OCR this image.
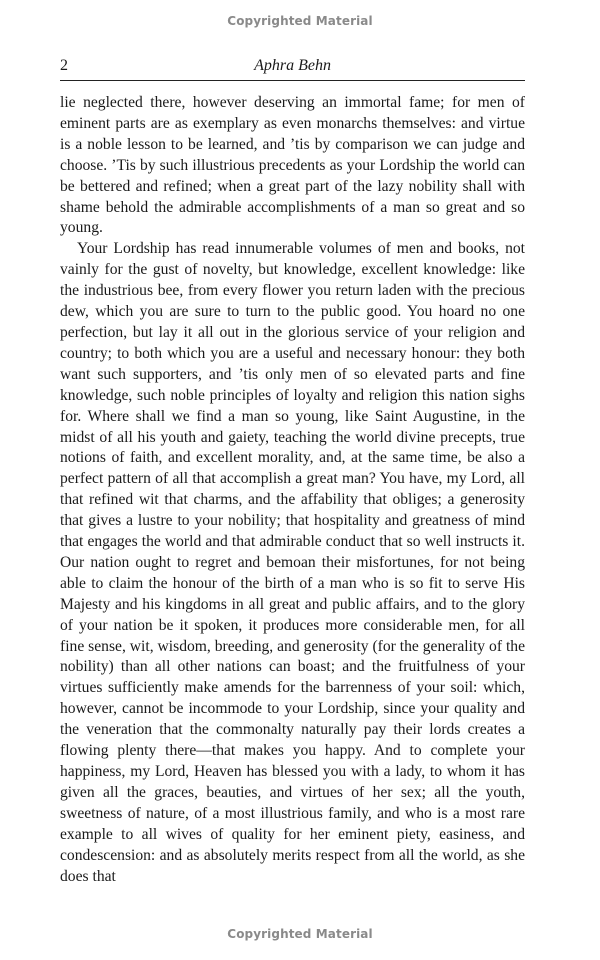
Copyrighted Material
2	Aphra Behn

lie neglected there, however deserving an immortal fame; for men of eminent parts are as exemplary as even monarchs themselves: and virtue is a noble lesson to be learned, and ’tis by comparison we can judge and choose. ’Tis by such illustrious precedents as your Lordship the world can be bettered and refined; when a great part of the lazy nobility shall with shame behold the admirable accomplishments of a man so great and so young.

Your Lordship has read innumerable volumes of men and books, not vainly for the gust of novelty, but knowledge, excellent knowledge: like the industrious bee, from every flower you return laden with the precious dew, which you are sure to turn to the public good. You hoard no one perfection, but lay it all out in the glorious service of your religion and country; to both which you are a useful and necessary honour: they both want such supporters, and ’tis only men of so elevated parts and fine knowledge, such noble principles of loyalty and religion this nation sighs for. Where shall we find a man so young, like Saint Augustine, in the midst of all his youth and gaiety, teaching the world divine precepts, true notions of faith, and excellent morality, and, at the same time, be also a perfect pattern of all that accomplish a great man? You have, my Lord, all that refined wit that charms, and the affability that obliges; a generosity that gives a lustre to your nobility; that hospitality and greatness of mind that engages the world and that admirable conduct that so well instructs it. Our nation ought to regret and bemoan their misfortunes, for not being able to claim the honour of the birth of a man who is so fit to serve His Majesty and his kingdoms in all great and public affairs, and to the glory of your nation be it spoken, it produces more considerable men, for all fine sense, wit, wisdom, breeding, and generosity (for the generality of the nobility) than all other nations can boast; and the fruitfulness of your virtues sufficiently make amends for the barrenness of your soil: which, however, cannot be incommode to your Lordship, since your quality and the veneration that the commonalty naturally pay their lords creates a flowing plenty there—that makes you happy. And to complete your happiness, my Lord, Heaven has blessed you with a lady, to whom it has given all the graces, beauties, and virtues of her sex; all the youth, sweetness of nature, of a most illustrious family, and who is a most rare example to all wives of quality for her eminent piety, easiness, and condescension: and as absolutely merits respect from all the world, as she does that

Copyrighted Material
